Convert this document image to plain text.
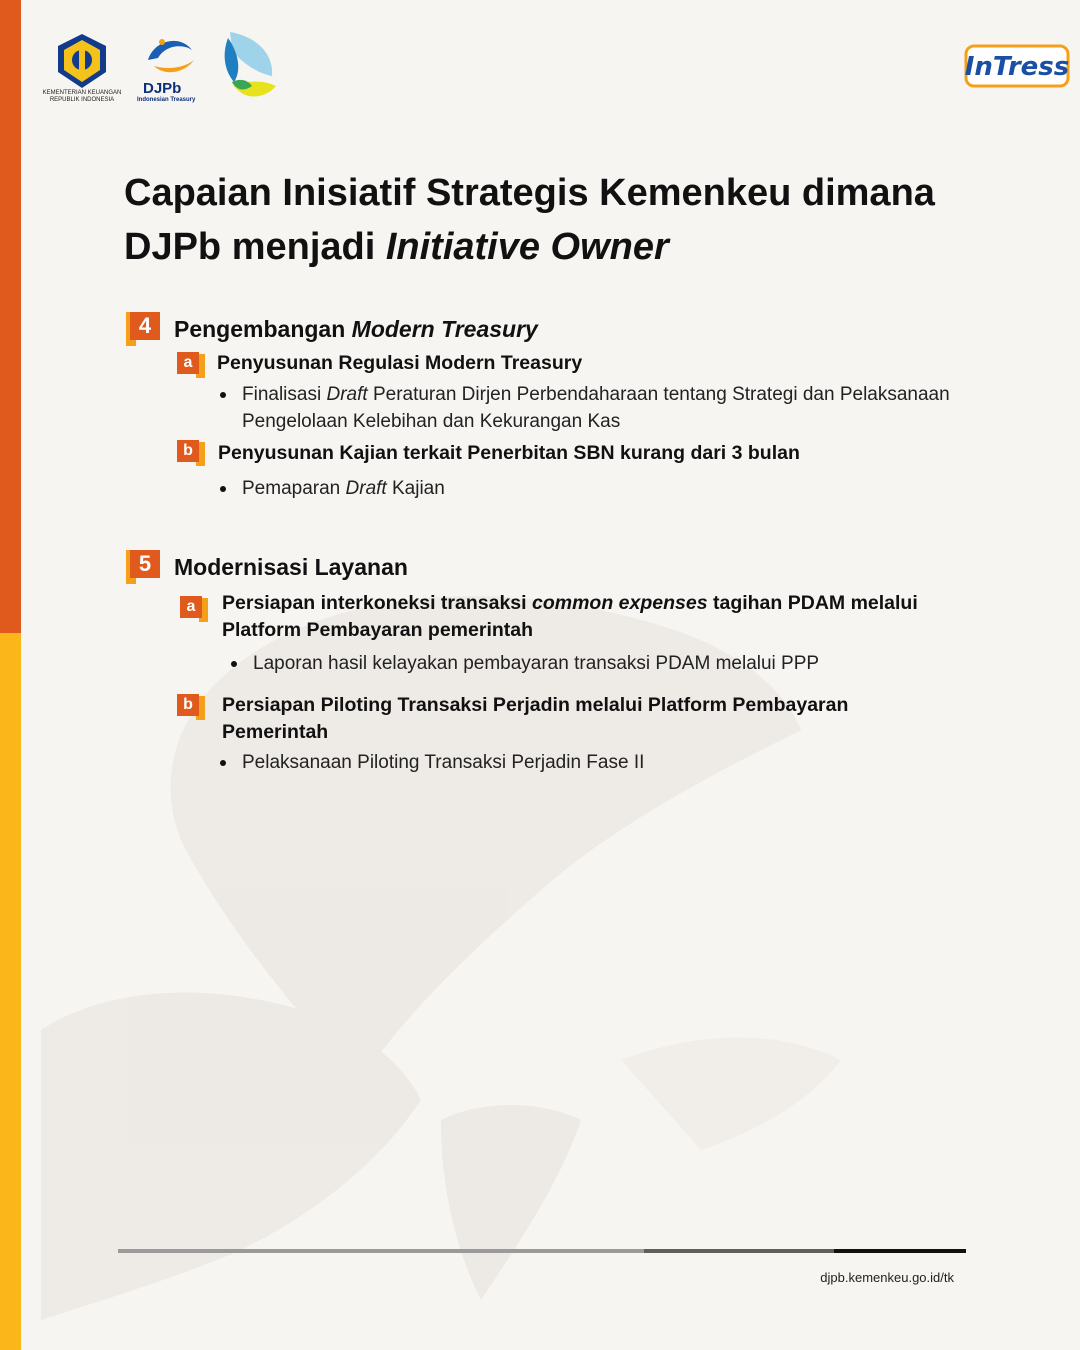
KEMENTERIAN KEUANGAN REPUBLIK INDONESIA
DJPb
Indonesian Treasury
InTress
Capaian Inisiatif Strategis Kemenkeu dimana
DJPb menjadi Initiative Owner
4 Pengembangan Modern Treasury
a	Penyusunan Regulasi Modern Treasury
Finalisasi Draft Peraturan Dirjen Perbendaharaan tentang Strategi dan Pelaksanaan Pengelolaan Kelebihan dan Kekurangan Kas
b	Penyusunan Kajian terkait Penerbitan SBN kurang dari 3 bulan
Pemaparan Draft Kajian
5 Modernisasi Layanan
a	Persiapan interkoneksi transaksi common expenses tagihan PDAM melalui Platform Pembayaran pemerintah
Laporan hasil kelayakan pembayaran transaksi PDAM melalui PPP
b	Persiapan Piloting Transaksi Perjadin melalui Platform Pembayaran Pemerintah
Pelaksanaan Piloting Transaksi Perjadin Fase II
djpb.kemenkeu.go.id/tk
